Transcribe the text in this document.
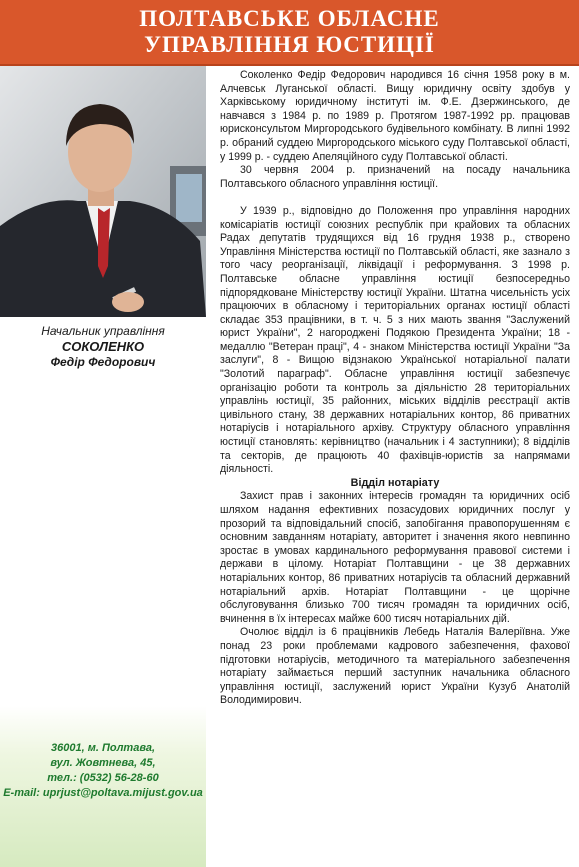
ПОЛТАВСЬКЕ ОБЛАСНЕ
УПРАВЛІННЯ ЮСТИЦІЇ
Начальник управління
СОКОЛЕНКО
Федір Федорович
36001, м. Полтава,
вул. Жовтнева, 45,
тел.: (0532) 56-28-60
E-mail: uprjust@poltava.mijust.gov.ua

Соколенко Федір Федорович народився 16 січня 1958 року в м. Алчевськ Луганської області. Вищу юридичну освіту здобув у Харківському юридичному інституті ім. Ф.Е. Дзержинського, де навчався з 1984 р. по 1989 р. Протягом 1987-1992 рр. працював юрисконсультом Миргородського будівельного комбінату. В липні 1992 р. обраний суддею Миргородського міського суду Полтавської області, у 1999 р. - суддею Апеляційного суду Полтавської області.

30 червня 2004 р. призначений на посаду начальника Полтавського обласного управління юстиції.

У 1939 р., відповідно до Положення про управління народних комісаріатів юстиції союзних республік при крайових та обласних Радах депутатів трудящихся від 16 грудня 1938 р., створено Управління Міністерства юстиції по Полтавській області, яке зазнало з того часу реорганізації, ліквідації і реформування. З 1998 р. Полтавське обласне управління юстиції безпосередньо підпорядковане Міністерству юстиції України. Штатна чисельність усіх працюючих в обласному і територіальних органах юстиції області складає 353 працівники, в т. ч. 5 з них мають звання "Заслужений юрист України", 2 нагороджені Подякою Президента України; 18 - медаллю "Ветеран праці", 4 - знаком Міністерства юстиції України "За заслуги", 8 - Вищою відзнакою Української нотаріальної палати "Золотий параграф". Обласне управління юстиції забезпечує організацію роботи та контроль за діяльністю 28 територіальних управлінь юстиції, 35 районних, міських відділів реєстрації актів цивільного стану, 38 державних нотаріальних контор, 86 приватних нотаріусів і нотаріального архіву. Структуру обласного управління юстиції становлять: керівництво (начальник і 4 заступники); 8 відділів та секторів, де працюють 40 фахівців-юристів за напрямами діяльності.

Відділ нотаріату

Захист прав і законних інтересів громадян та юридичних осіб шляхом надання ефективних позасудових юридичних послуг у прозорий та відповідальний спосіб, запобігання правопорушенням є основним завданням нотаріату, авторитет і значення якого невпинно зростає в умовах кардинального реформування правової системи і держави в цілому. Нотаріат Полтавщини - це 38 державних нотаріальних контор, 86 приватних нотаріусів та обласний державний нотаріальний архів. Нотаріат Полтавщини - це щорічне обслуговування близько 700 тисяч громадян та юридичних осіб, вчинення в їх інтересах майже 600 тисяч нотаріальних дій.

Очолює відділ із 6 працівників Лебедь Наталія Валеріївна. Уже понад 23 роки проблемами кадрового забезпечення, фахової підготовки нотаріусів, методичного та матеріального забезпечення нотаріату займається перший заступник начальника обласного управління юстиції, заслужений юрист України Кузуб Анатолій Володимирович.
